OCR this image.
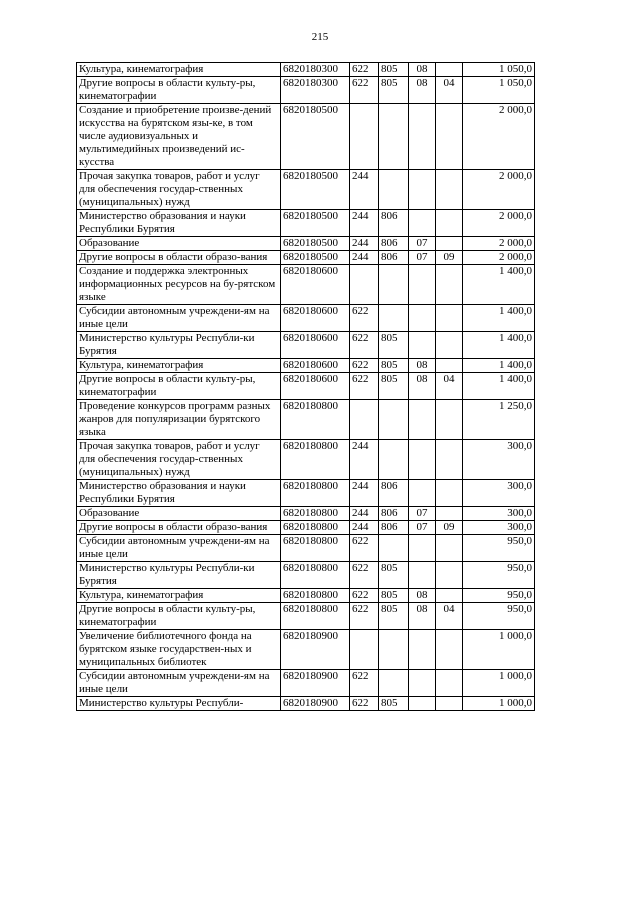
215
Культура, кинематография	6820180300	622	805	08		1 050,0
Другие вопросы в области культу-ры, кинематографии	6820180300	622	805	08	04	1 050,0
Создание и приобретение произве-дений искусства на бурятском язы-ке, в том числе аудиовизуальных и мультимедийных произведений ис-кусства	6820180500					2 000,0
Прочая закупка товаров, работ и услуг для обеспечения государ-ственных (муниципальных) нужд	6820180500	244				2 000,0
Министерство образования и науки Республики Бурятия	6820180500	244	806			2 000,0
Образование	6820180500	244	806	07		2 000,0
Другие вопросы в области образо-вания	6820180500	244	806	07	09	2 000,0
Создание и поддержка электронных информационных ресурсов на бу-рятском языке	6820180600					1 400,0
Субсидии автономным учреждени-ям на иные цели	6820180600	622				1 400,0
Министерство культуры Республи-ки Бурятия	6820180600	622	805			1 400,0
Культура, кинематография	6820180600	622	805	08		1 400,0
Другие вопросы в области культу-ры, кинематографии	6820180600	622	805	08	04	1 400,0
Проведение конкурсов программ разных жанров для популяризации бурятского языка	6820180800					1 250,0
Прочая закупка товаров, работ и услуг для обеспечения государ-ственных (муниципальных) нужд	6820180800	244				300,0
Министерство образования и науки Республики Бурятия	6820180800	244	806			300,0
Образование	6820180800	244	806	07		300,0
Другие вопросы в области образо-вания	6820180800	244	806	07	09	300,0
Субсидии автономным учреждени-ям на иные цели	6820180800	622				950,0
Министерство культуры Республи-ки Бурятия	6820180800	622	805			950,0
Культура, кинематография	6820180800	622	805	08		950,0
Другие вопросы в области культу-ры, кинематографии	6820180800	622	805	08	04	950,0
Увеличение библиотечного фонда на бурятском языке государствен-ных и муниципальных библиотек	6820180900					1 000,0
Субсидии автономным учреждени-ям на иные цели	6820180900	622				1 000,0
Министерство культуры Республи-	6820180900	622	805			1 000,0
